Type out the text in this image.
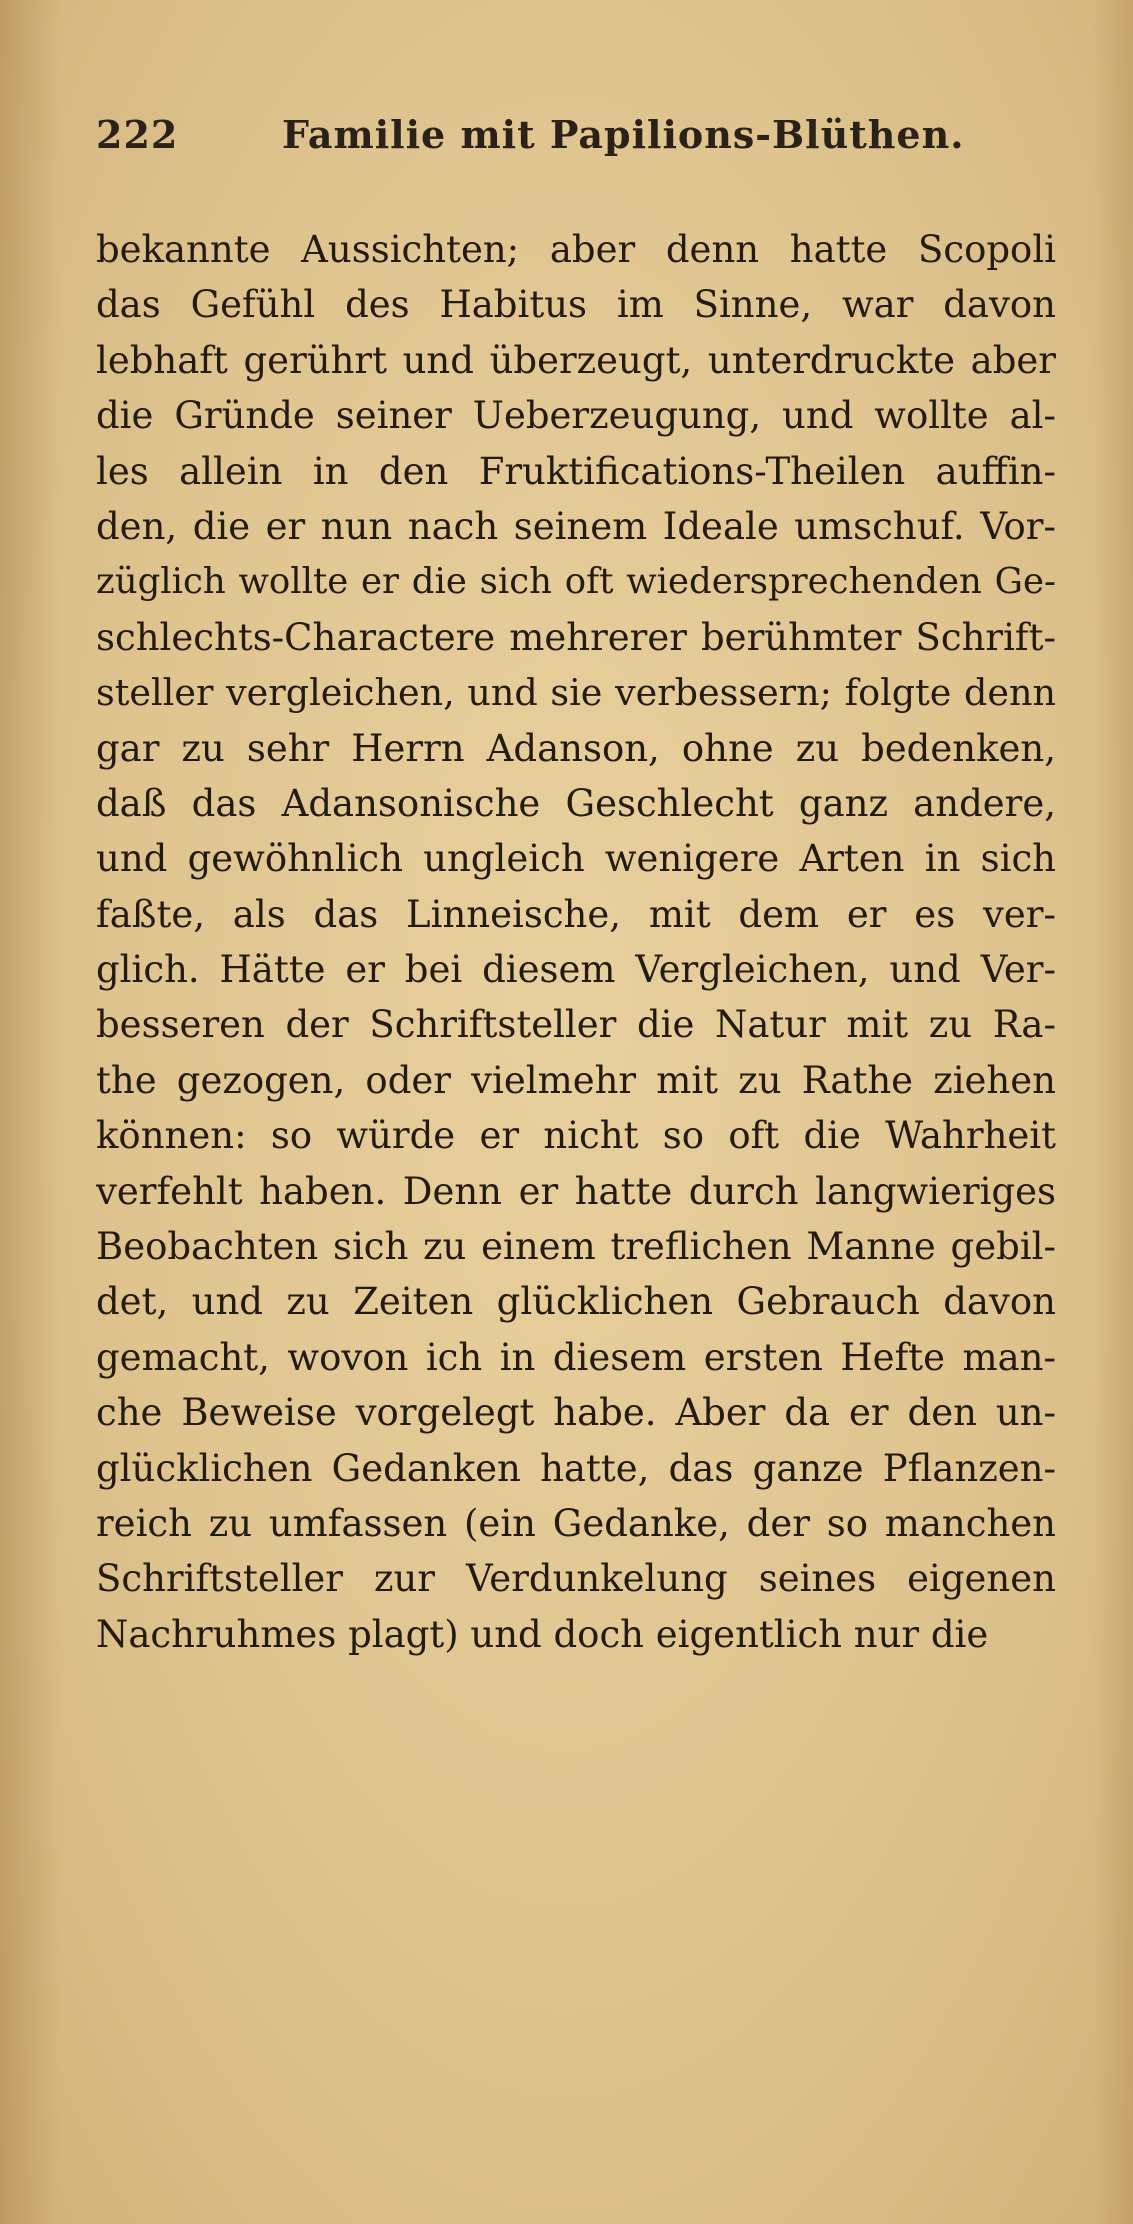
222	Familie mit Papilions-Blüthen.
bekannte Aussichten; aber denn hatte Scopoli
das Gefühl des Habitus im Sinne, war davon
lebhaft gerührt und überzeugt, unterdruckte aber
die Gründe seiner Ueberzeugung, und wollte al-
les allein in den Fruktifications-Theilen auffin-
den, die er nun nach seinem Ideale umschuf. Vor-
züglich wollte er die sich oft wiedersprechenden Ge-
schlechts-Charactere mehrerer berühmter Schrift-
steller vergleichen, und sie verbessern; folgte denn
gar zu sehr Herrn Adanson, ohne zu bedenken,
daß das Adansonische Geschlecht ganz andere,
und gewöhnlich ungleich wenigere Arten in sich
faßte, als das Linneische, mit dem er es ver-
glich. Hätte er bei diesem Vergleichen, und Ver-
besseren der Schriftsteller die Natur mit zu Ra-
the gezogen, oder vielmehr mit zu Rathe ziehen
können: so würde er nicht so oft die Wahrheit
verfehlt haben. Denn er hatte durch langwieriges
Beobachten sich zu einem treflichen Manne gebil-
det, und zu Zeiten glücklichen Gebrauch davon
gemacht, wovon ich in diesem ersten Hefte man-
che Beweise vorgelegt habe. Aber da er den un-
glücklichen Gedanken hatte, das ganze Pflanzen-
reich zu umfassen (ein Gedanke, der so manchen
Schriftsteller zur Verdunkelung seines eigenen
Nachruhmes plagt) und doch eigentlich nur die
